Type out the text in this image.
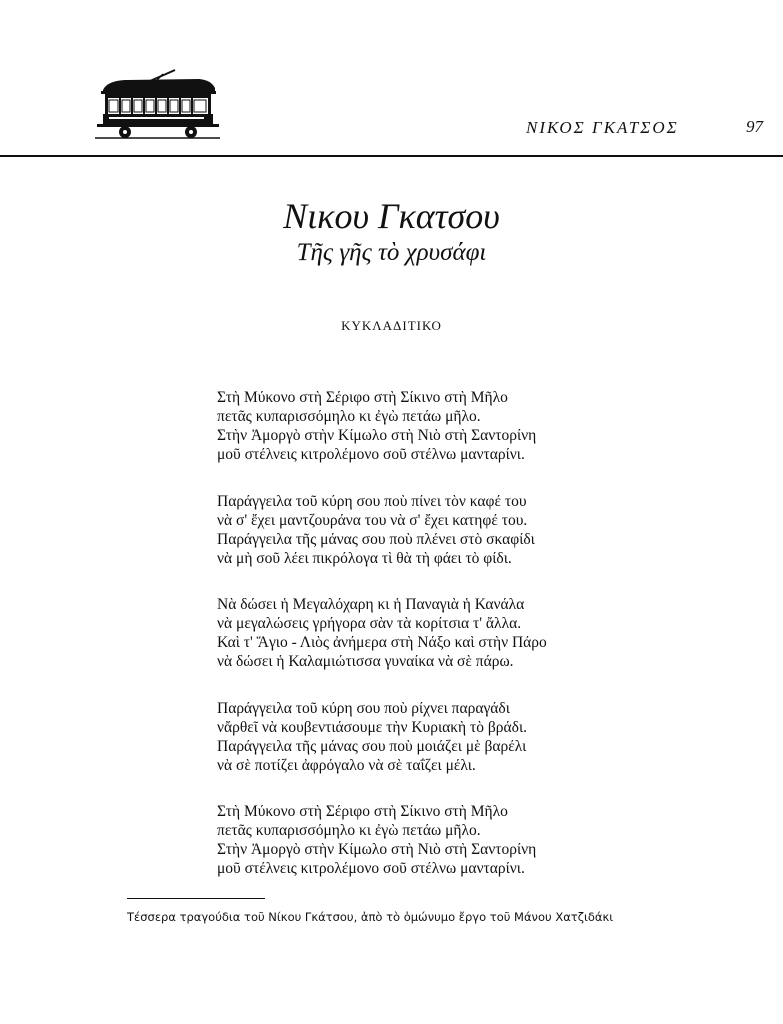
ΝΙΚΟΣ ΓΚΑΤΣΟΣ	97
Νικου Γκατσου
Τῆς γῆς τὸ χρυσάφι
ΚΥΚΛΑΔΙΤΙΚΟ
Στὴ Μύκονο στὴ Σέριφο στὴ Σίκινο στὴ Μῆλο
πετᾶς κυπαρισσόμηλο κι ἐγὼ πετάω μῆλο.
Στὴν Ἀμοργὸ στὴν Κίμωλο στὴ Νιὸ στὴ Σαντορίνη
μοῦ στέλνεις κιτρολέμονο σοῦ στέλνω μανταρίνι.
Παράγγειλα τοῦ κύρη σου ποὺ πίνει τὸν καφέ του
νὰ σ' ἔχει μαντζουράνα του νὰ σ' ἔχει κατηφέ του.
Παράγγειλα τῆς μάνας σου ποὺ πλένει στὸ σκαφίδι
νὰ μὴ σοῦ λέει πικρόλογα τὶ θὰ τὴ φάει τὸ φίδι.
Νὰ δώσει ἡ Μεγαλόχαρη κι ἡ Παναγιὰ ἡ Κανάλα
νὰ μεγαλώσεις γρήγορα σὰν τὰ κορίτσια τ' ἄλλα.
Καὶ τ' Ἅγιο - Λιὸς ἀνήμερα στὴ Νάξο καὶ στὴν Πάρο
νὰ δώσει ἡ Καλαμιώτισσα γυναίκα νὰ σὲ πάρω.
Παράγγειλα τοῦ κύρη σου ποὺ ρίχνει παραγάδι
νἄρθεῖ νὰ κουβεντιάσουμε τὴν Κυριακὴ τὸ βράδι.
Παράγγειλα τῆς μάνας σου ποὺ μοιάζει μὲ βαρέλι
νὰ σὲ ποτίζει ἀφρόγαλο νὰ σὲ ταΐζει μέλι.
Στὴ Μύκονο στὴ Σέριφο στὴ Σίκινο στὴ Μῆλο
πετᾶς κυπαρισσόμηλο κι ἐγὼ πετάω μῆλο.
Στὴν Ἀμοργὸ στὴν Κίμωλο στὴ Νιὸ στὴ Σαντορίνη
μοῦ στέλνεις κιτρολέμονο σοῦ στέλνω μανταρίνι.
Τέσσερα τραγούδια τοῦ Νίκου Γκάτσου, ἀπὸ τὸ ὁμώνυμο ἔργο τοῦ Μάνου Χατζιδάκι
